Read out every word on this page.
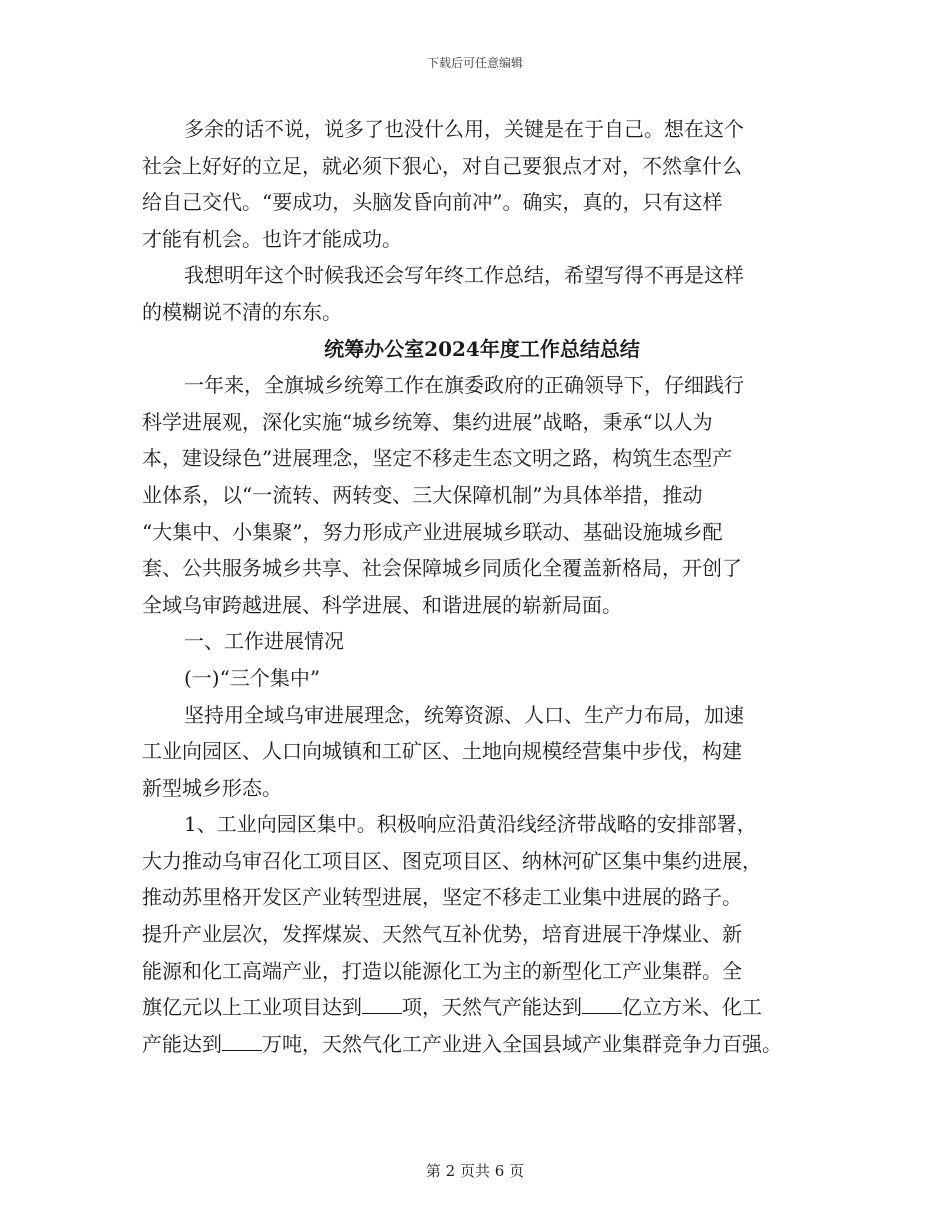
下载后可任意编辑
多余的话不说，说多了也没什么用，关键是在于自己。想在这个
社会上好好的立足，就必须下狠心，对自己要狠点才对，不然拿什么
给自己交代。“要成功，头脑发昏向前冲”。确实，真的，只有这样
才能有机会。也许才能成功。
我想明年这个时候我还会写年终工作总结，希望写得不再是这样
的模糊说不清的东东。
统筹办公室2024年度工作总结总结
一年来，全旗城乡统筹工作在旗委政府的正确领导下，仔细践行
科学进展观，深化实施“城乡统筹、集约进展”战略，秉承“以人为
本，建设绿色”进展理念，坚定不移走生态文明之路，构筑生态型产
业体系，以“一流转、两转变、三大保障机制”为具体举措，推动
“大集中、小集聚”，努力形成产业进展城乡联动、基础设施城乡配
套、公共服务城乡共享、社会保障城乡同质化全覆盖新格局，开创了
全域乌审跨越进展、科学进展、和谐进展的崭新局面。
一、工作进展情况
(一)“三个集中”
坚持用全域乌审进展理念，统筹资源、人口、生产力布局，加速
工业向园区、人口向城镇和工矿区、土地向规模经营集中步伐，构建
新型城乡形态。
1、工业向园区集中。积极响应沿黄沿线经济带战略的安排部署，
大力推动乌审召化工项目区、图克项目区、纳林河矿区集中集约进展，
推动苏里格开发区产业转型进展，坚定不移走工业集中进展的路子。
提升产业层次，发挥煤炭、天然气互补优势，培育进展干净煤业、新
能源和化工高端产业，打造以能源化工为主的新型化工产业集群。全
旗亿元以上工业项目达到 项，天然气产能达到 亿立方米、化工
产能达到 万吨，天然气化工产业进入全国县域产业集群竞争力百强。
第 2 页共 6 页
